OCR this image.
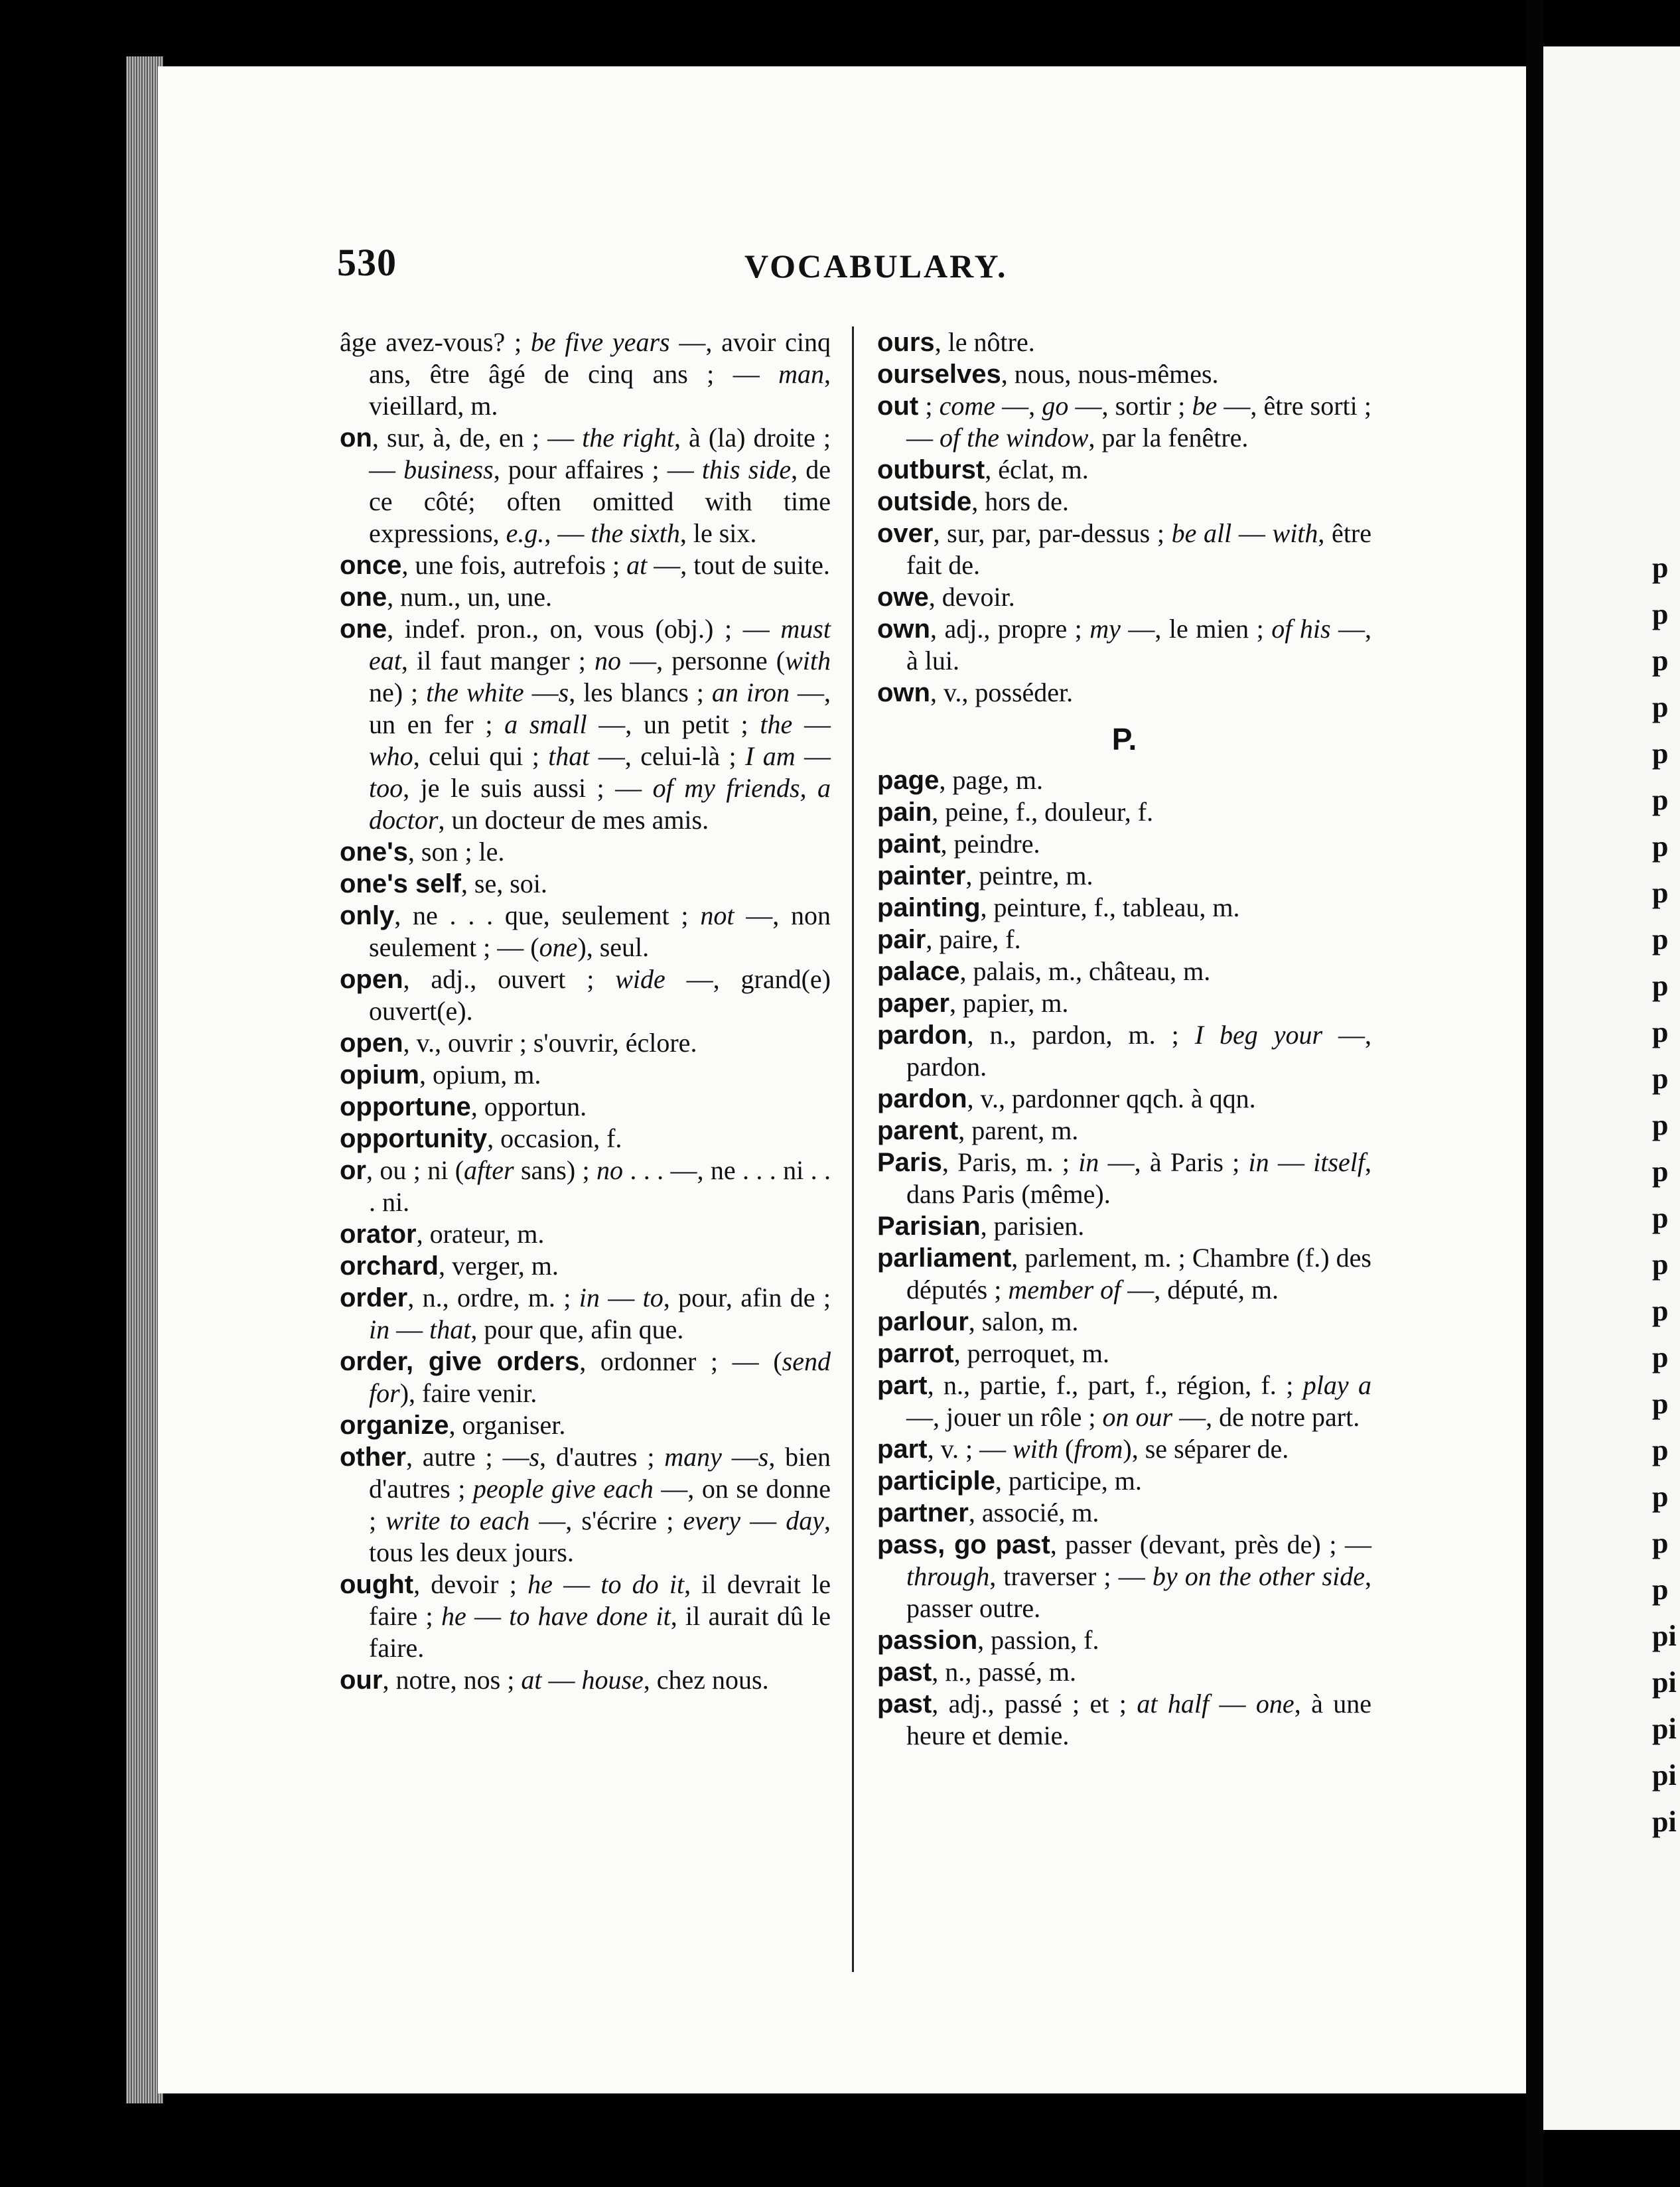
p
p
p
p
p
p
p
p
p
p
p
p
p
p
p
p
p
p
p
p
p
p
p
pi
pi
pi
pi
pi
530	VOCABULARY.
âge avez-vous? ; be five years —, avoir cinq ans, être âgé de cinq ans ; — man, vieillard, m.
on, sur, à, de, en ; — the right, à (la) droite ; — business, pour affaires ; — this side, de ce côté; often omitted with time expressions, e.g., — the sixth, le six.
once, une fois, autrefois ; at —, tout de suite.
one, num., un, une.
one, indef. pron., on, vous (obj.) ; — must eat, il faut manger ; no —, personne (with ne) ; the white —s, les blancs ; an iron —, un en fer ; a small —, un petit ; the — who, celui qui ; that —, celui-là ; I am — too, je le suis aussi ; — of my friends, a doctor, un docteur de mes amis.
one's, son ; le.
one's self, se, soi.
only, ne . . . que, seulement ; not —, non seulement ; — (one), seul.
open, adj., ouvert ; wide —, grand(e) ouvert(e).
open, v., ouvrir ; s'ouvrir, éclore.
opium, opium, m.
opportune, opportun.
opportunity, occasion, f.
or, ou ; ni (after sans) ; no . . . —, ne . . . ni . . . ni.
orator, orateur, m.
orchard, verger, m.
order, n., ordre, m. ; in — to, pour, afin de ; in — that, pour que, afin que.
order, give orders, ordonner ; — (send for), faire venir.
organize, organiser.
other, autre ; —s, d'autres ; many —s, bien d'autres ; people give each —, on se donne ; write to each —, s'écrire ; every — day, tous les deux jours.
ought, devoir ; he — to do it, il devrait le faire ; he — to have done it, il aurait dû le faire.
our, notre, nos ; at — house, chez nous.
ours, le nôtre.
ourselves, nous, nous-mêmes.
out ; come —, go —, sortir ; be —, être sorti ; — of the window, par la fenêtre.
outburst, éclat, m.
outside, hors de.
over, sur, par, par-dessus ; be all — with, être fait de.
owe, devoir.
own, adj., propre ; my —, le mien ; of his —, à lui.
own, v., posséder.
P.
page, page, m.
pain, peine, f., douleur, f.
paint, peindre.
painter, peintre, m.
painting, peinture, f., tableau, m.
pair, paire, f.
palace, palais, m., château, m.
paper, papier, m.
pardon, n., pardon, m. ; I beg your —, pardon.
pardon, v., pardonner qqch. à qqn.
parent, parent, m.
Paris, Paris, m. ; in —, à Paris ; in — itself, dans Paris (même).
Parisian, parisien.
parliament, parlement, m. ; Chambre (f.) des députés ; member of —, député, m.
parlour, salon, m.
parrot, perroquet, m.
part, n., partie, f., part, f., région, f. ; play a —, jouer un rôle ; on our —, de notre part.
part, v. ; — with (from), se séparer de.
participle, participe, m.
partner, associé, m.
pass, go past, passer (devant, près de) ; — through, traverser ; — by on the other side, passer outre.
passion, passion, f.
past, n., passé, m.
past, adj., passé ; et ; at half — one, à une heure et demie.
